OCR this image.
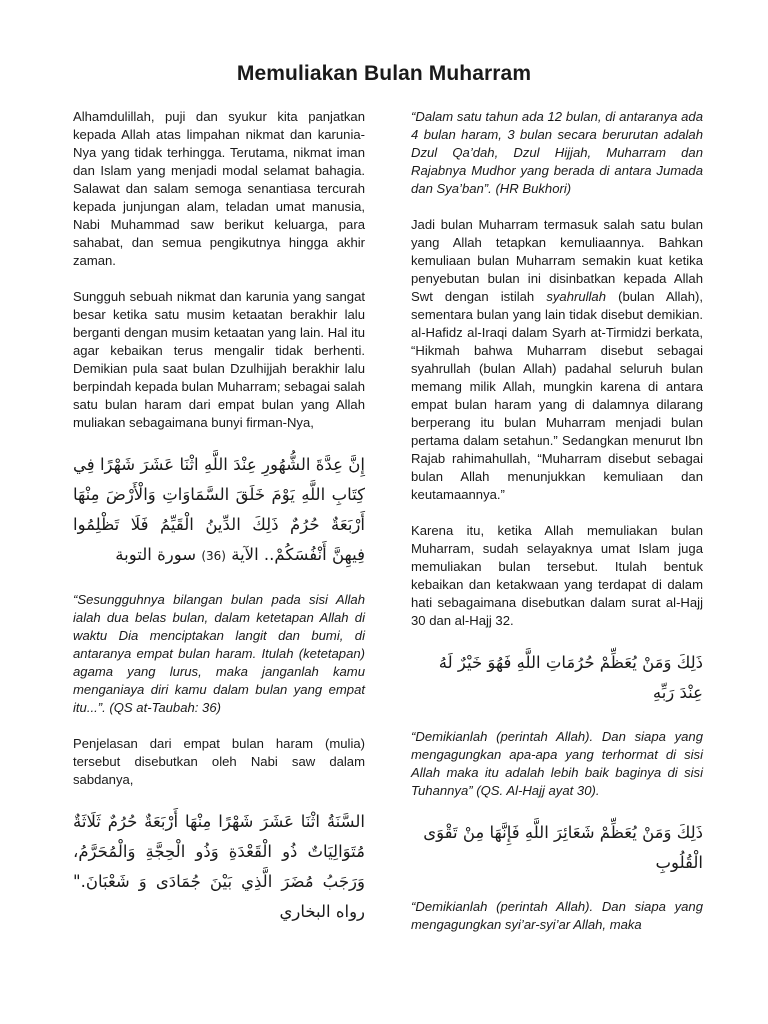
Memuliakan Bulan Muharram

Alhamdulillah, puji dan syukur kita panjatkan kepada Allah atas limpahan nikmat dan karunia-Nya yang tidak terhingga. Terutama, nikmat iman dan Islam yang menjadi modal selamat bahagia. Salawat dan salam semoga senantiasa tercurah kepada junjungan alam, teladan umat manusia, Nabi Muhammad saw berikut keluarga, para sahabat, dan semua pengikutnya hingga akhir zaman.

Sungguh sebuah nikmat dan karunia yang sangat besar ketika satu musim ketaatan berakhir lalu berganti dengan musim ketaatan yang lain. Hal itu agar kebaikan terus mengalir tidak berhenti. Demikian pula saat bulan Dzulhijjah berakhir lalu berpindah kepada bulan Muharram; sebagai salah satu bulan haram dari empat bulan yang Allah muliakan sebagaimana bunyi firman-Nya,

إِنَّ عِدَّةَ الشُّهُورِ عِنْدَ اللَّهِ اثْنَا عَشَرَ شَهْرًا فِي كِتَابِ اللَّهِ يَوْمَ خَلَقَ السَّمَاوَاتِ وَالْأَرْضَ مِنْهَا أَرْبَعَةٌ حُرُمٌ ذَلِكَ الدِّينُ الْقَيِّمُ فَلَا تَظْلِمُوا فِيهِنَّ أَنْفُسَكُمْ.. الآية (36) سورة التوبة

“Sesungguhnya bilangan bulan pada sisi Allah ialah dua belas bulan, dalam ketetapan Allah di waktu Dia menciptakan langit dan bumi, di antaranya empat bulan haram. Itulah (ketetapan) agama yang lurus, maka janganlah kamu menganiaya diri kamu dalam bulan yang empat itu...”. (QS at-Taubah: 36)

Penjelasan dari empat bulan haram (mulia) tersebut disebutkan oleh Nabi saw dalam sabdanya,

السَّنَةُ اثْنَا عَشَرَ شَهْرًا مِنْهَا أَرْبَعَةٌ حُرُمٌ ثَلَاثَةٌ مُتَوَالِيَاتٌ ذُو الْقَعْدَةِ وَذُو الْحِجَّةِ وَالْمُحَرَّمُ، وَرَجَبُ مُضَرَ الَّذِي بَيْنَ جُمَادَى وَ شَعْبَانَ." رواه البخاري

“Dalam satu tahun ada 12 bulan, di antaranya ada 4 bulan haram, 3 bulan secara berurutan adalah Dzul Qa’dah, Dzul Hijjah, Muharram dan Rajabnya Mudhor yang berada di antara Jumada dan Sya’ban”. (HR Bukhori)

Jadi bulan Muharram termasuk salah satu bulan yang Allah tetapkan kemuliaannya. Bahkan kemuliaan bulan Muharram semakin kuat ketika penyebutan bulan ini disinbatkan kepada Allah Swt dengan istilah syahrullah (bulan Allah), sementara bulan yang lain tidak disebut demikian. al-Hafidz al-Iraqi dalam Syarh at-Tirmidzi berkata, “Hikmah bahwa Muharram disebut sebagai syahrullah (bulan Allah) padahal seluruh bulan memang milik Allah, mungkin karena di antara empat bulan haram yang di dalamnya dilarang berperang itu bulan Muharram menjadi bulan pertama dalam setahun.” Sedangkan menurut Ibn Rajab rahimahullah, “Muharram disebut sebagai bulan Allah menunjukkan kemuliaan dan keutamaannya.”

Karena itu, ketika Allah memuliakan bulan Muharram, sudah selayaknya umat Islam juga memuliakan bulan tersebut. Itulah bentuk kebaikan dan ketakwaan yang terdapat di dalam hati sebagaimana disebutkan dalam surat al-Hajj 30 dan al-Hajj 32.

ذَلِكَ وَمَنْ يُعَظِّمْ حُرُمَاتِ اللَّهِ فَهُوَ خَيْرٌ لَهُ عِنْدَ رَبِّهِ

“Demikianlah (perintah Allah). Dan siapa yang mengagungkan apa-apa yang terhormat di sisi Allah maka itu adalah lebih baik baginya di sisi Tuhannya” (QS. Al-Hajj ayat 30).

ذَلِكَ وَمَنْ يُعَظِّمْ شَعَائِرَ اللَّهِ فَإِنَّهَا مِنْ تَقْوَى الْقُلُوبِ

“Demikianlah (perintah Allah). Dan siapa yang mengagungkan syi’ar-syi’ar Allah, maka
